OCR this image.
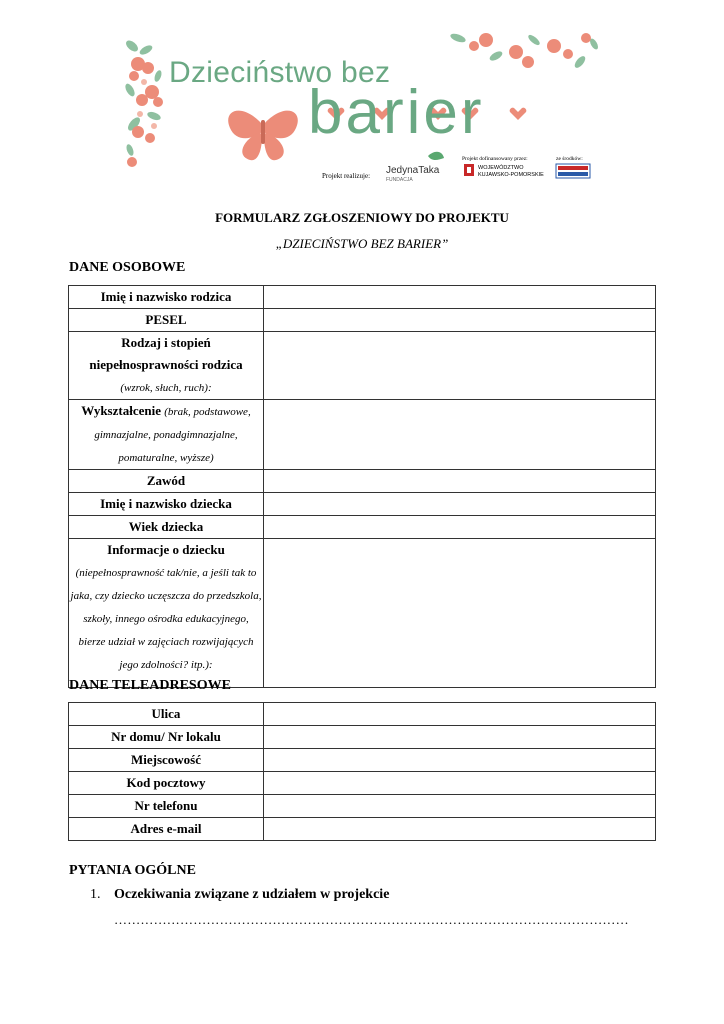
Dzieciństwo bez
barier
Projekt realizuje: JedynaTaka
FUNDACJA
Projekt dofinansowany przez:
WOJEWÓDZTWO
KUJAWSKO-POMORSKIE
ze środków:
FORMULARZ ZGŁOSZENIOWY DO PROJEKTU
„DZIECIŃSTWO BEZ BARIER”
DANE OSOBOWE
Imię i nazwisko rodzica	
PESEL	
Rodzaj i stopień niepełnosprawności rodzica
(wzrok, słuch, ruch):	
Wykształcenie (brak, podstawowe, gimnazjalne, ponadgimnazjalne, pomaturalne, wyższe)	
Zawód	
Imię i nazwisko dziecka	
Wiek dziecka	
Informacje o dziecku
(niepełnosprawność tak/nie, a jeśli tak to jaka, czy dziecko uczęszcza do przedszkola, szkoły, innego ośrodka edukacyjnego, bierze udział w zajęciach rozwijających jego zdolności? itp.):	
DANE TELEADRESOWE
Ulica	
Nr domu/ Nr lokalu	
Miejscowość	
Kod pocztowy	
Nr telefonu	
Adres e-mail	
PYTANIA OGÓLNE
1. Oczekiwania związane z udziałem w projekcie
………………………………………………………………………………………………………
